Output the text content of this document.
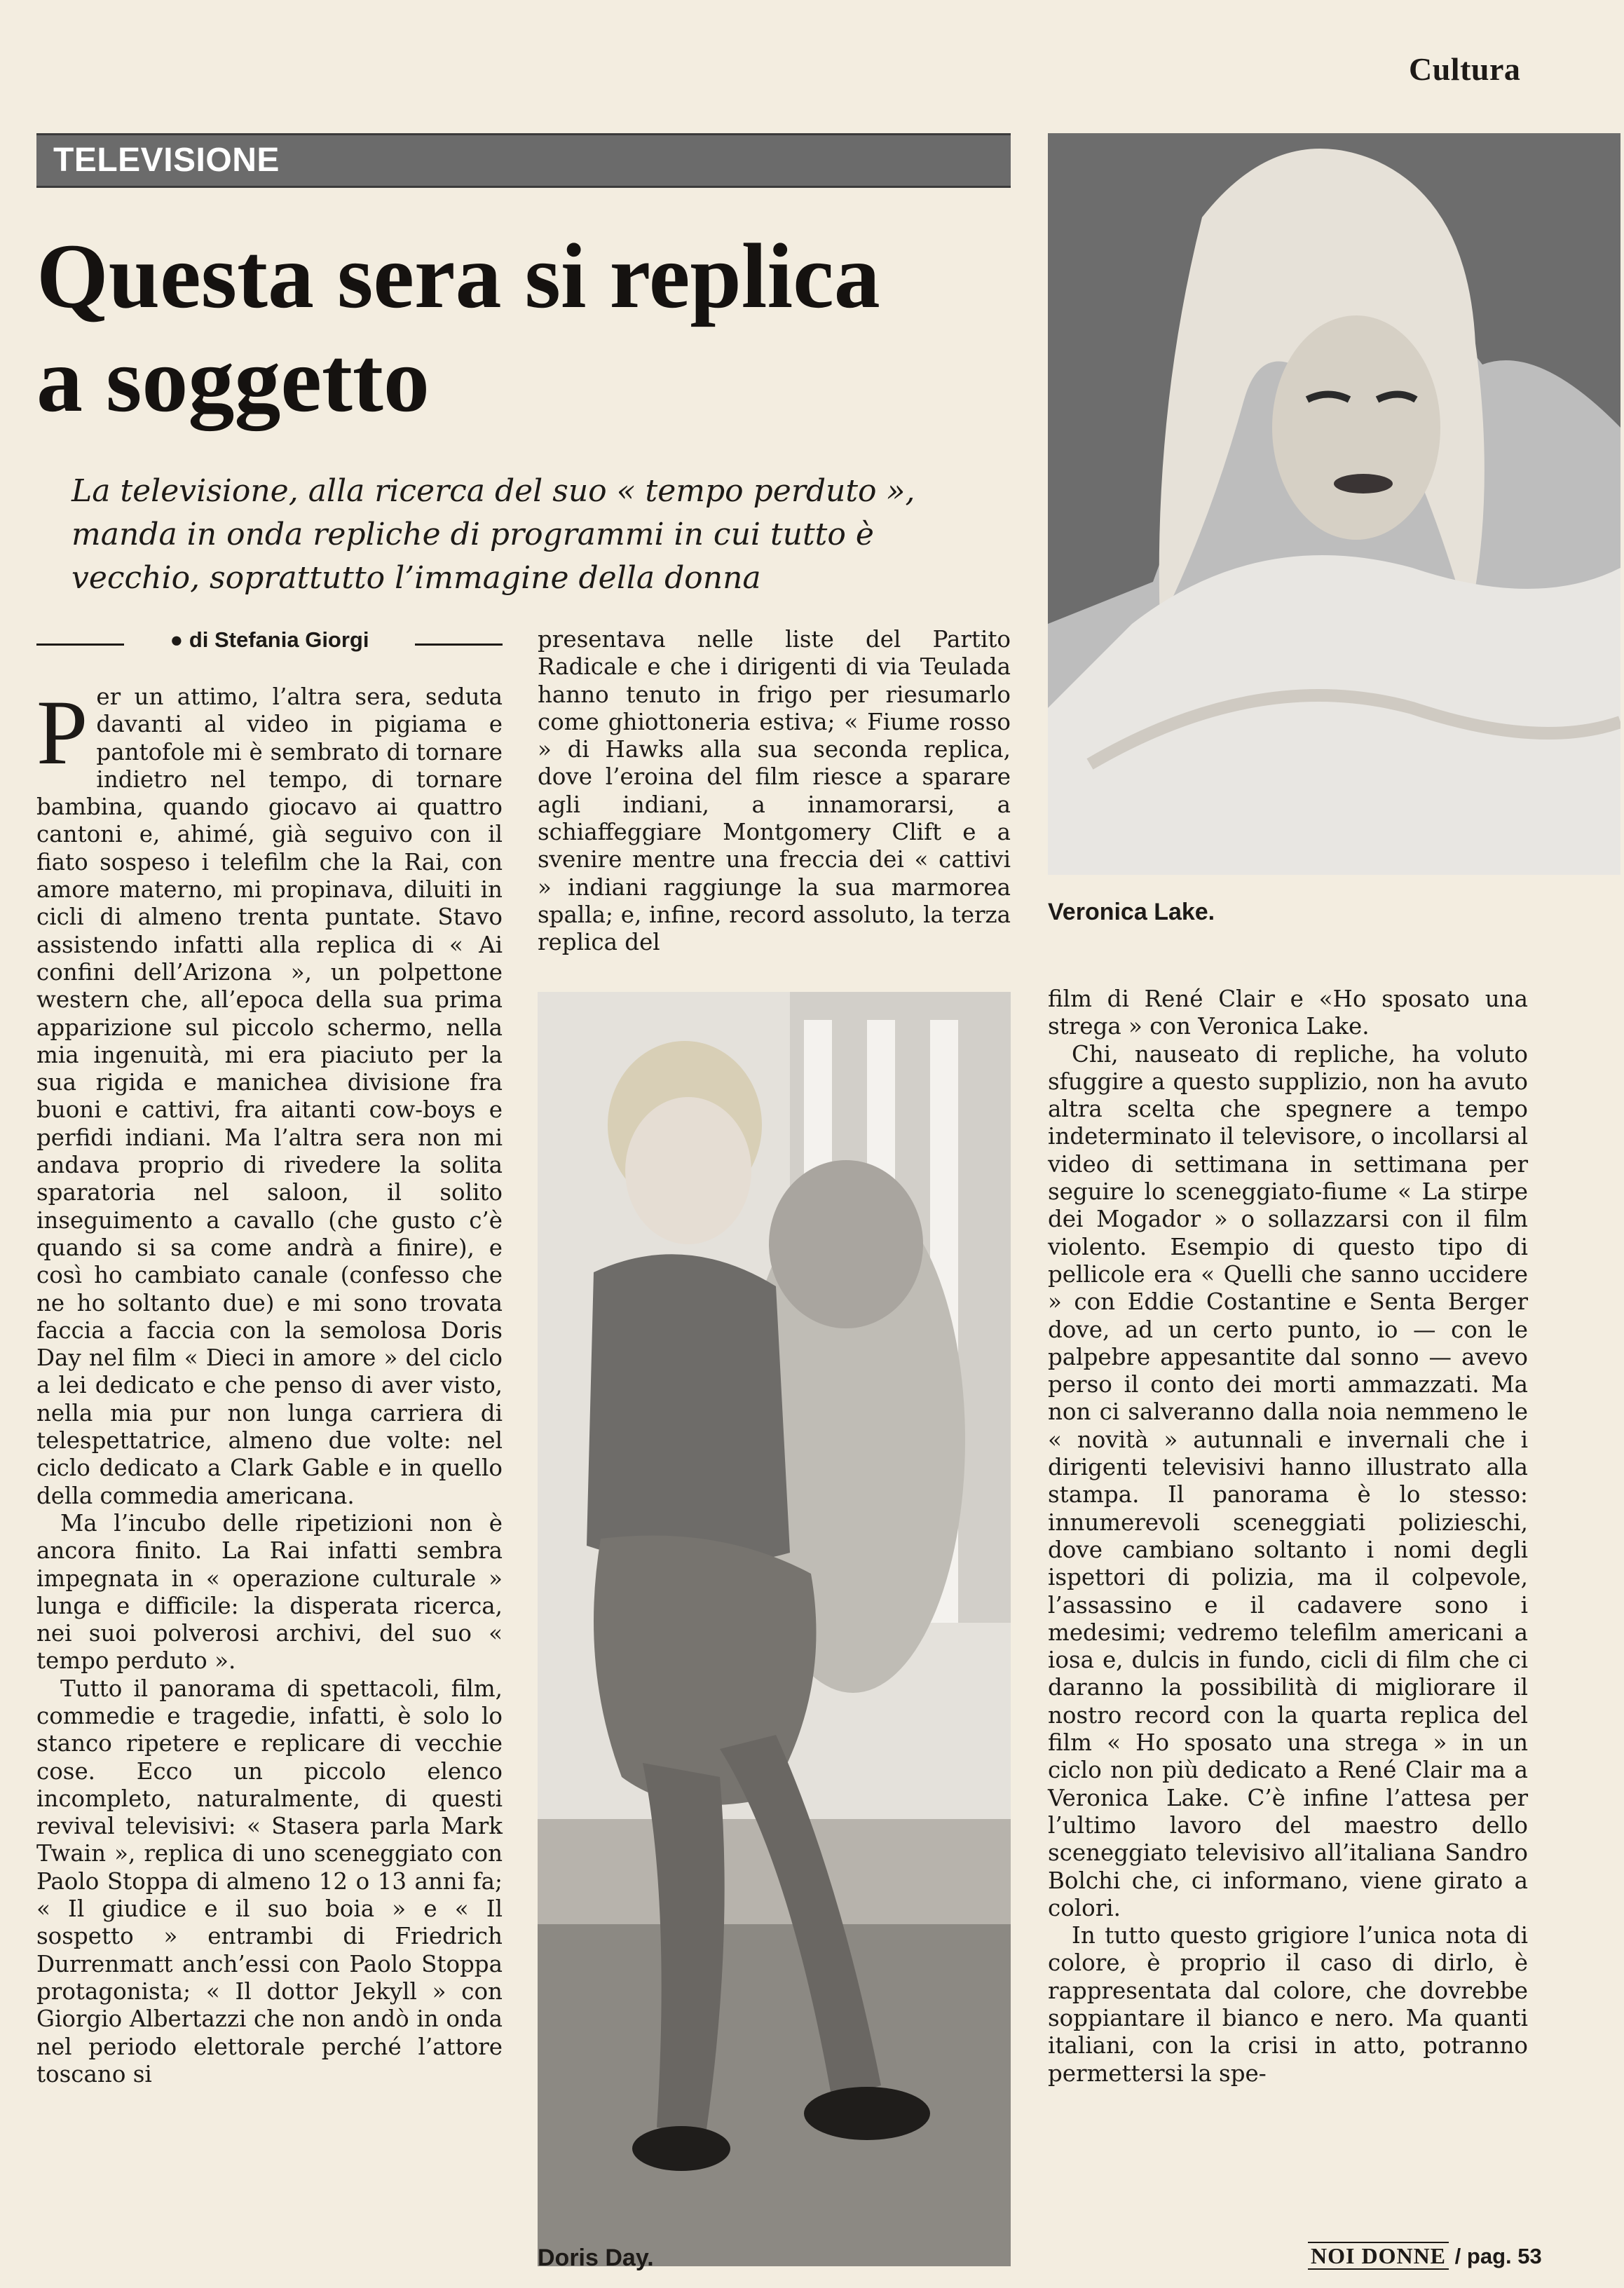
Cultura
TELEVISIONE
Questa sera si replica
a soggetto

La televisione, alla ricerca del suo « tempo perduto », manda in onda repliche di programmi in cui tutto è vecchio, soprattutto l’immagine della donna

● di Stefania Giorgi

Per un attimo, l’altra sera, seduta davanti al video in pigiama e pantofole mi è sembrato di tornare indietro nel tempo, di tornare bambina, quando giocavo ai quattro cantoni e, ahimé, già seguivo con il fiato sospeso i telefilm che la Rai, con amore materno, mi propinava, diluiti in cicli di almeno trenta puntate. Stavo assistendo infatti alla replica di « Ai confini dell’Arizona », un polpettone western che, all’epoca della sua prima apparizione sul piccolo schermo, nella mia ingenuità, mi era piaciuto per la sua rigida e manichea divisione fra buoni e cattivi, fra aitanti cow-boys e perfidi indiani. Ma l’altra sera non mi andava proprio di rivedere la solita sparatoria nel saloon, il solito inseguimento a cavallo (che gusto c’è quando si sa come andrà a finire), e così ho cambiato canale (confesso che ne ho soltanto due) e mi sono trovata faccia a faccia con la semolosa Doris Day nel film « Dieci in amore » del ciclo a lei dedicato e che penso di aver visto, nella mia pur non lunga carriera di telespettatrice, almeno due volte: nel ciclo dedicato a Clark Gable e in quello della commedia americana.

Ma l’incubo delle ripetizioni non è ancora finito. La Rai infatti sembra impegnata in « operazione culturale » lunga e difficile: la disperata ricerca, nei suoi polverosi archivi, del suo « tempo perduto ».

Tutto il panorama di spettacoli, film, commedie e tragedie, infatti, è solo lo stanco ripetere e replicare di vecchie cose. Ecco un piccolo elenco incompleto, naturalmente, di questi revival televisivi: « Stasera parla Mark Twain », replica di uno sceneggiato con Paolo Stoppa di almeno 12 o 13 anni fa; « Il giudice e il suo boia » e « Il sospetto » entrambi di Friedrich Durrenmatt anch’essi con Paolo Stoppa protagonista; « Il dottor Jekyll » con Giorgio Albertazzi che non andò in onda nel periodo elettorale perché l’attore toscano si

presentava nelle liste del Partito Radicale e che i dirigenti di via Teulada hanno tenuto in frigo per riesumarlo come ghiottoneria estiva; « Fiume rosso » di Hawks alla sua seconda replica, dove l’eroina del film riesce a sparare agli indiani, a innamorarsi, a schiaffeggiare Montgomery Clift e a svenire mentre una freccia dei « cattivi » indiani raggiunge la sua marmorea spalla; e, infine, record assoluto, la terza replica del

Veronica Lake.
Doris Day.

film di René Clair e «Ho sposato una strega » con Veronica Lake.

Chi, nauseato di repliche, ha voluto sfuggire a questo supplizio, non ha avuto altra scelta che spegnere a tempo indeterminato il televisore, o incollarsi al video di settimana in settimana per seguire lo sceneggiato-fiume « La stirpe dei Mogador » o sollazzarsi con il film violento. Esempio di questo tipo di pellicole era « Quelli che sanno uccidere » con Eddie Costantine e Senta Berger dove, ad un certo punto, io — con le palpebre appesantite dal sonno — avevo perso il conto dei morti ammazzati. Ma non ci salveranno dalla noia nemmeno le « novità » autunnali e invernali che i dirigenti televisivi hanno illustrato alla stampa. Il panorama è lo stesso: innumerevoli sceneggiati polizieschi, dove cambiano soltanto i nomi degli ispettori di polizia, ma il colpevole, l’assassino e il cadavere sono i medesimi; vedremo telefilm americani a iosa e, dulcis in fundo, cicli di film che ci daranno la possibilità di migliorare il nostro record con la quarta replica del film « Ho sposato una strega » in un ciclo non più dedicato a René Clair ma a Veronica Lake. C’è infine l’attesa per l’ultimo lavoro del maestro dello sceneggiato televisivo all’italiana Sandro Bolchi che, ci informano, viene girato a colori.

In tutto questo grigiore l’unica nota di colore, è proprio il caso di dirlo, è rappresentata dal colore, che dovrebbe soppiantare il bianco e nero. Ma quanti italiani, con la crisi in atto, potranno permettersi la spe-

NOI DONNE / pag. 53
